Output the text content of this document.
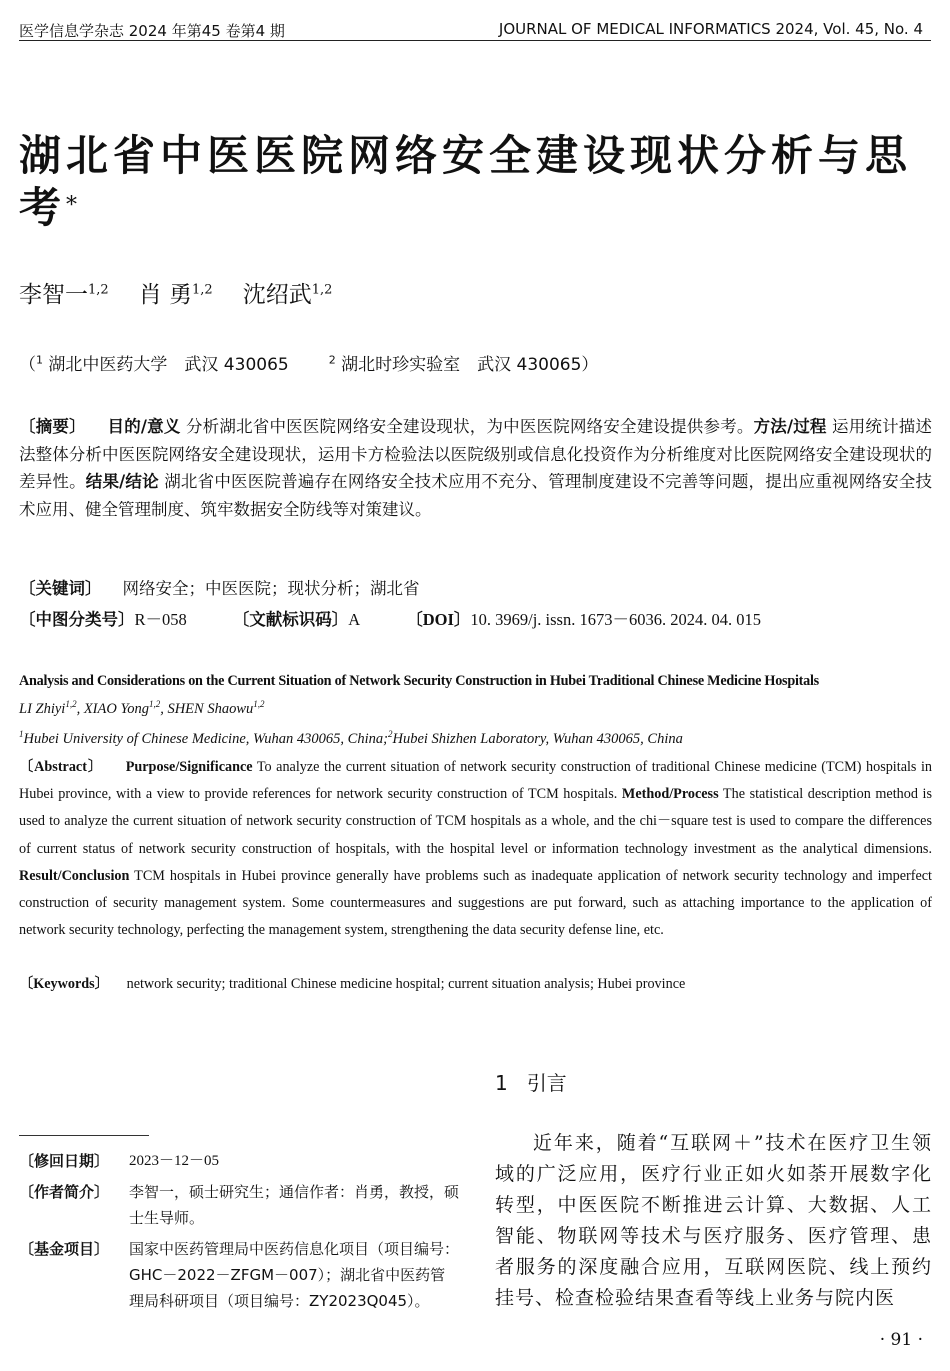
医学信息学杂志 2024 年第45 卷第4 期	JOURNAL OF MEDICAL INFORMATICS 2024, Vol. 45, No. 4
湖北省中医医院网络安全建设现状分析与思考*
李智一$^{1,2}$ 肖 勇$^{1,2}$ 沈绍武$^{1,2}$
（$^1$ 湖北中医药大学　武汉 430065	$^2$ 湖北时珍实验室　武汉 430065）
〔摘要〕 目的/意义 分析湖北省中医医院网络安全建设现状，为中医医院网络安全建设提供参考。方法/过程 运用统计描述法整体分析中医医院网络安全建设现状，运用卡方检验法以医院级别或信息化投资作为分析维度对比医院网络安全建设现状的差异性。结果/结论 湖北省中医医院普遍存在网络安全技术应用不充分、管理制度建设不完善等问题，提出应重视网络安全技术应用、健全管理制度、筑牢数据安全防线等对策建议。
〔关键词〕 网络安全；中医医院；现状分析；湖北省
〔中图分类号〕R－058	〔文献标识码〕A	〔DOI〕10. 3969/j. issn. 1673－6036. 2024. 04. 015
Analysis and Considerations on the Current Situation of Network Security Construction in Hubei Traditional Chinese Medicine Hospitals
LI Zhiyi$^{1,2}$, XIAO Yong$^{1,2}$, SHEN Shaowu$^{1,2}$
$^1$Hubei University of Chinese Medicine, Wuhan 430065, China;$^2$Hubei Shizhen Laboratory, Wuhan 430065, China
〔Abstract〕 Purpose/Significance To analyze the current situation of network security construction of traditional Chinese medicine (TCM) hospitals in Hubei province, with a view to provide references for network security construction of TCM hospitals. Method/Process The statistical description method is used to analyze the current situation of network security construction of TCM hospitals as a whole, and the chi－square test is used to compare the differences of current status of network security construction of hospitals, with the hospital level or information technology investment as the analytical dimensions. Result/Conclusion TCM hospitals in Hubei province generally have problems such as inadequate application of network security technology and imperfect construction of security management system. Some countermeasures and suggestions are put forward, such as attaching importance to the application of network security technology, perfecting the management system, strengthening the data security defense line, etc.
〔Keywords〕 network security; traditional Chinese medicine hospital; current situation analysis; Hubei province
1 引言
〔修回日期〕	2023－12－05
〔作者简介〕	李智一，硕士研究生；通信作者：肖勇，教授，硕士生导师。
〔基金项目〕	国家中医药管理局中医药信息化项目（项目编号：GHC－2022－ZFGM－007）；湖北省中医药管理局科研项目（项目编号：ZY2023Q045）。
近年来，随着“互联网＋”技术在医疗卫生领域的广泛应用，医疗行业正如火如荼开展数字化转型，中医医院不断推进云计算、大数据、人工智能、物联网等技术与医疗服务、医疗管理、患者服务的深度融合应用，互联网医院、线上预约挂号、检查检验结果查看等线上业务与院内医
· 91 ·
